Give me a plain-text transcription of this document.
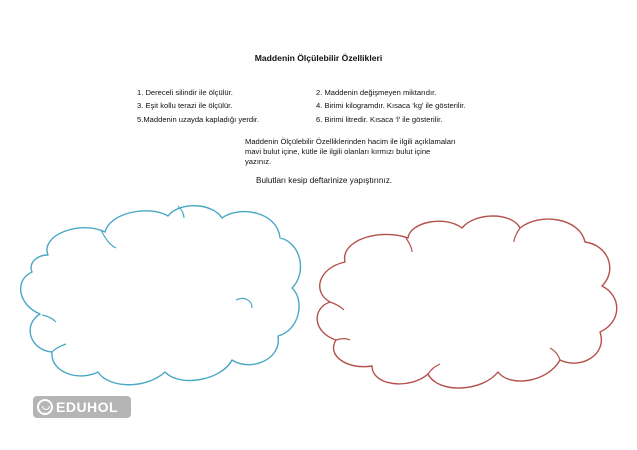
Maddenin Ölçülebilir Özellikleri
1. Dereceli silindir ile ölçülür.	2. Maddenin değişmeyen miktarıdır.
3. Eşit kollu terazi ile ölçülür.	4. Birimi kilogramdır. Kısaca ‘kg’ ile gösterilir.
5.Maddenin uzayda kapladığı yerdir.	6. Birimi litredir. Kısaca ‘l’ ile gösterilir.
Maddenin Ölçülebilir Özelliklerinden hacim ile ilgili açıklamaları
mavi bulut içine, kütle ile ilgili olanları kırmızı bulut içine
yazınız.
Bulutları kesip deftarinize yapıştırınız.
EDUHOL
